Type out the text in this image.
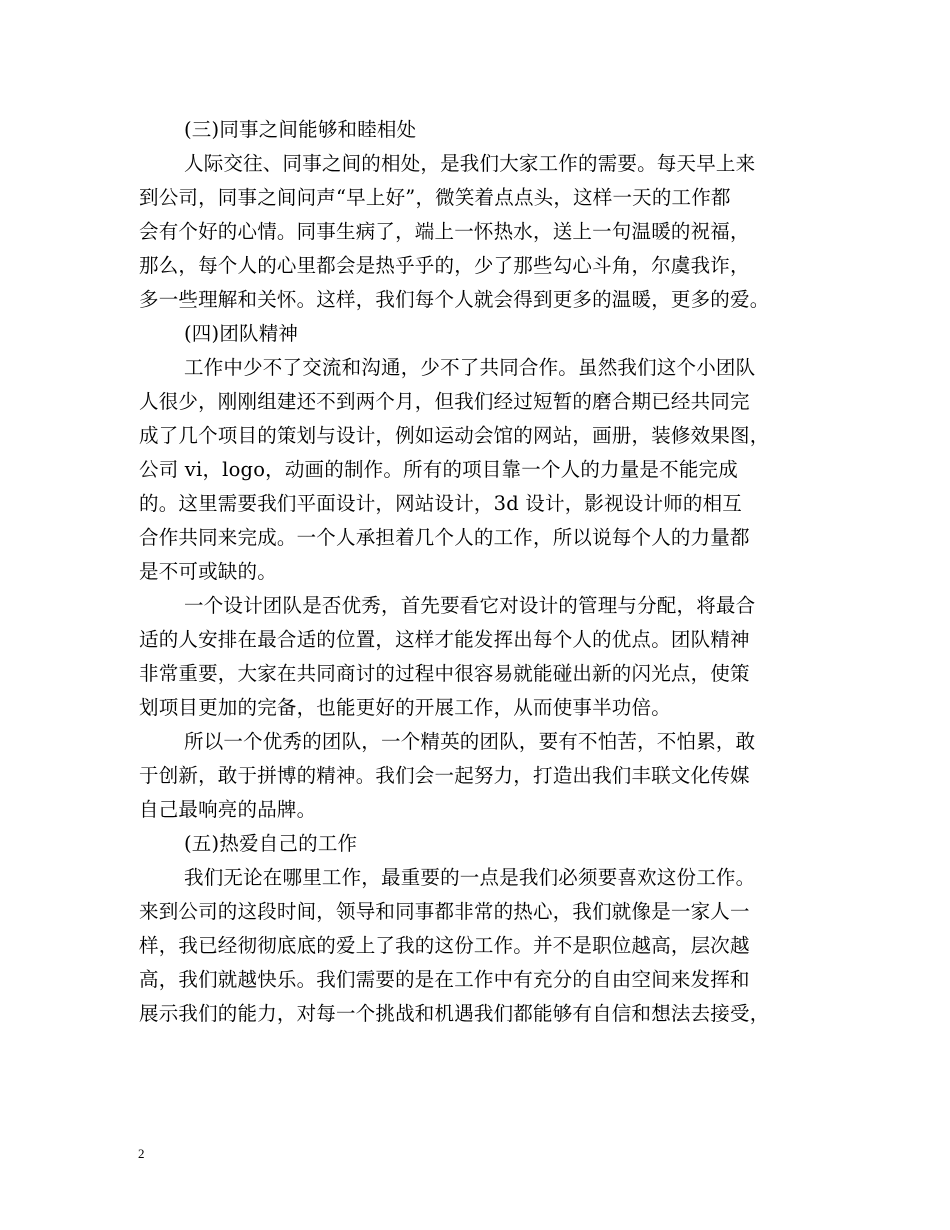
(三)同事之间能够和睦相处
人际交往、同事之间的相处，是我们大家工作的需要。每天早上来
到公司，同事之间问声“早上好”，微笑着点点头，这样一天的工作都
会有个好的心情。同事生病了，端上一怀热水，送上一句温暖的祝福，
那么，每个人的心里都会是热乎乎的，少了那些勾心斗角，尔虞我诈，
多一些理解和关怀。这样，我们每个人就会得到更多的温暖，更多的爱。
(四)团队精神
工作中少不了交流和沟通，少不了共同合作。虽然我们这个小团队
人很少，刚刚组建还不到两个月，但我们经过短暂的磨合期已经共同完
成了几个项目的策划与设计，例如运动会馆的网站，画册，装修效果图，
公司 vi，logo，动画的制作。所有的项目靠一个人的力量是不能完成
的。这里需要我们平面设计，网站设计，3d 设计，影视设计师的相互
合作共同来完成。一个人承担着几个人的工作，所以说每个人的力量都
是不可或缺的。
一个设计团队是否优秀，首先要看它对设计的管理与分配，将最合
适的人安排在最合适的位置，这样才能发挥出每个人的优点。团队精神
非常重要，大家在共同商讨的过程中很容易就能碰出新的闪光点，使策
划项目更加的完备，也能更好的开展工作，从而使事半功倍。
所以一个优秀的团队，一个精英的团队，要有不怕苦，不怕累，敢
于创新，敢于拼博的精神。我们会一起努力，打造出我们丰联文化传媒
自己最响亮的品牌。
(五)热爱自己的工作
我们无论在哪里工作，最重要的一点是我们必须要喜欢这份工作。
来到公司的这段时间，领导和同事都非常的热心，我们就像是一家人一
样，我已经彻彻底底的爱上了我的这份工作。并不是职位越高，层次越
高，我们就越快乐。我们需要的是在工作中有充分的自由空间来发挥和
展示我们的能力，对每一个挑战和机遇我们都能够有自信和想法去接受，
2
